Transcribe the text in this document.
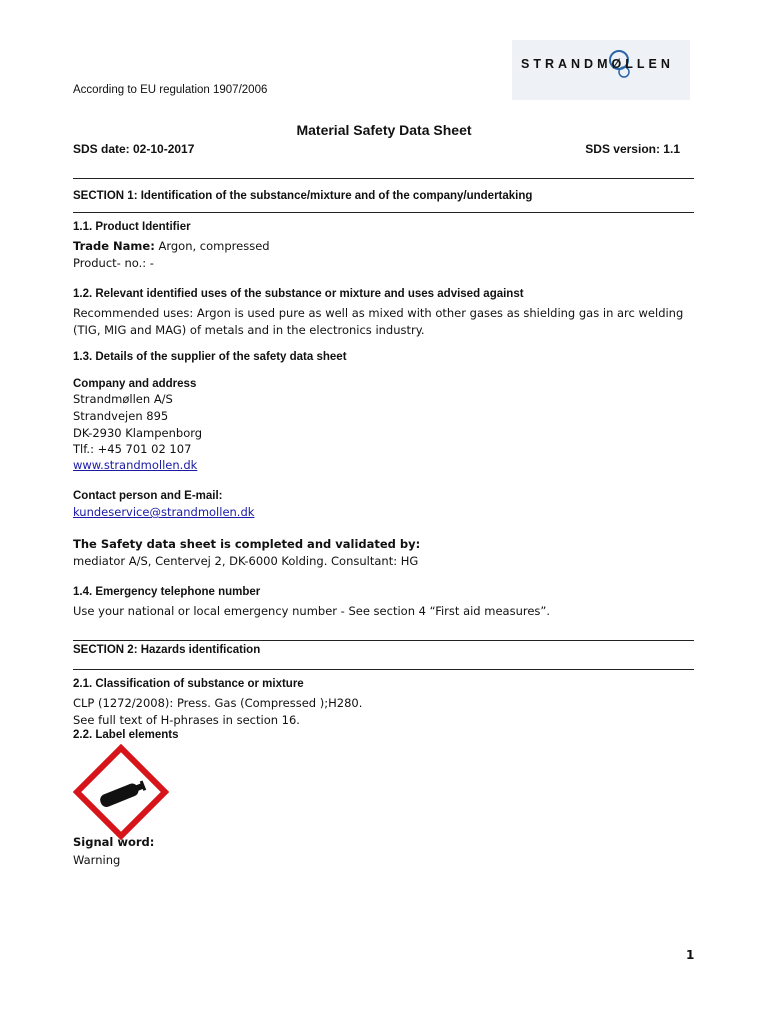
According to EU regulation 1907/2006
STRANDMØLLEN
Material Safety Data Sheet
SDS date: 02-10-2017	SDS version: 1.1
SECTION 1: Identification of the substance/mixture and of the company/undertaking
1.1. Product Identifier
Trade Name: Argon, compressed
Product- no.: -
1.2. Relevant identified uses of the substance or mixture and uses advised against
Recommended uses: Argon is used pure as well as mixed with other gases as shielding gas in arc welding
(TIG, MIG and MAG) of metals and in the electronics industry.
1.3. Details of the supplier of the safety data sheet
Company and address
Strandmøllen A/S
Strandvejen 895
DK-2930 Klampenborg
Tlf.: +45 701 02 107
www.strandmollen.dk
Contact person and E-mail:
kundeservice@strandmollen.dk
The Safety data sheet is completed and validated by:
mediator A/S, Centervej 2, DK-6000 Kolding. Consultant: HG
1.4. Emergency telephone number
Use your national or local emergency number - See section 4 “First aid measures”.
SECTION 2: Hazards identification
2.1. Classification of substance or mixture
CLP (1272/2008): Press. Gas (Compressed );H280.
See full text of H-phrases in section 16.
2.2. Label elements
Signal word:
Warning
1
